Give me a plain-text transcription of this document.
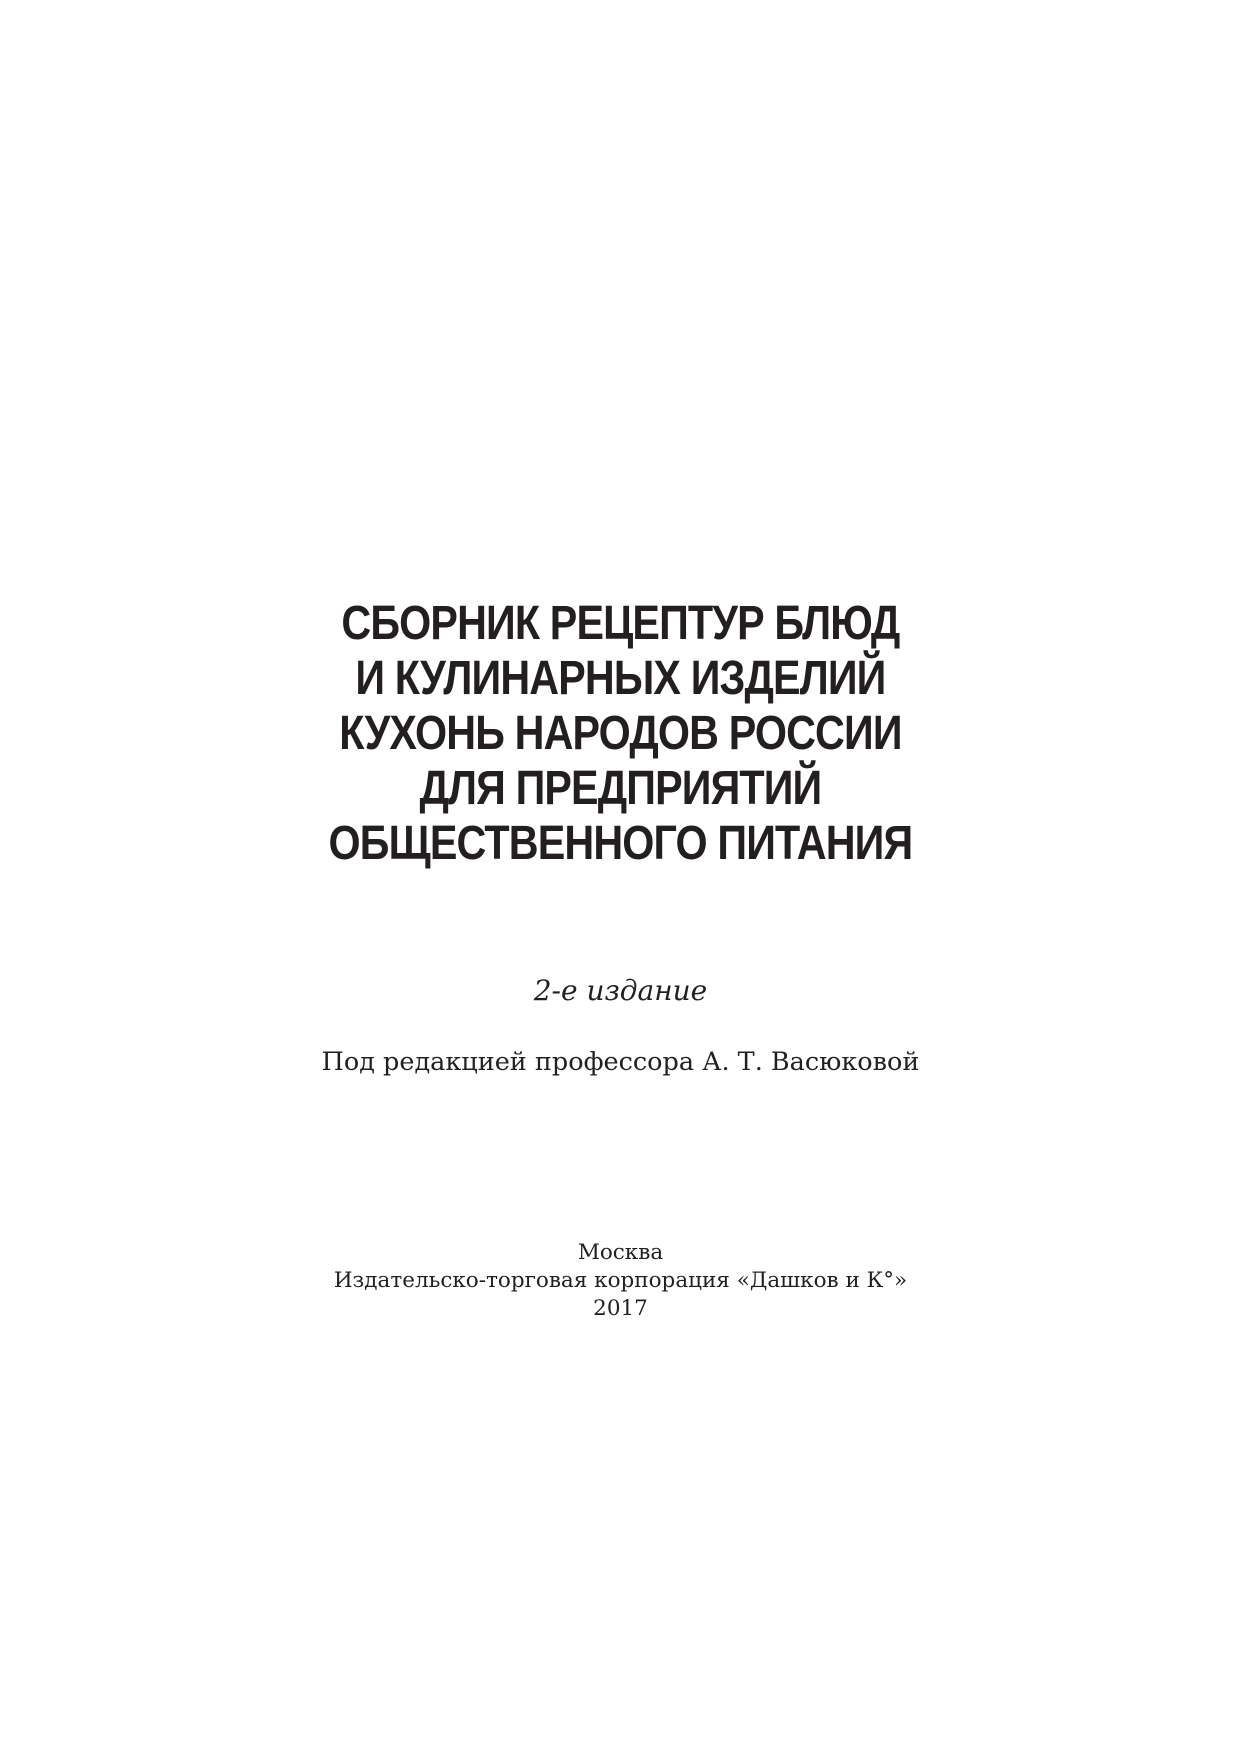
СБОРНИК РЕЦЕПТУР БЛЮД
И КУЛИНАРНЫХ ИЗДЕЛИЙ
КУХОНЬ НАРОДОВ РОССИИ
ДЛЯ ПРЕДПРИЯТИЙ
ОБЩЕСТВЕННОГО ПИТАНИЯ
2-е издание
Под редакцией профессора А. Т. Васюковой
Москва
Издательско-торговая корпорация «Дашков и К°»
2017
